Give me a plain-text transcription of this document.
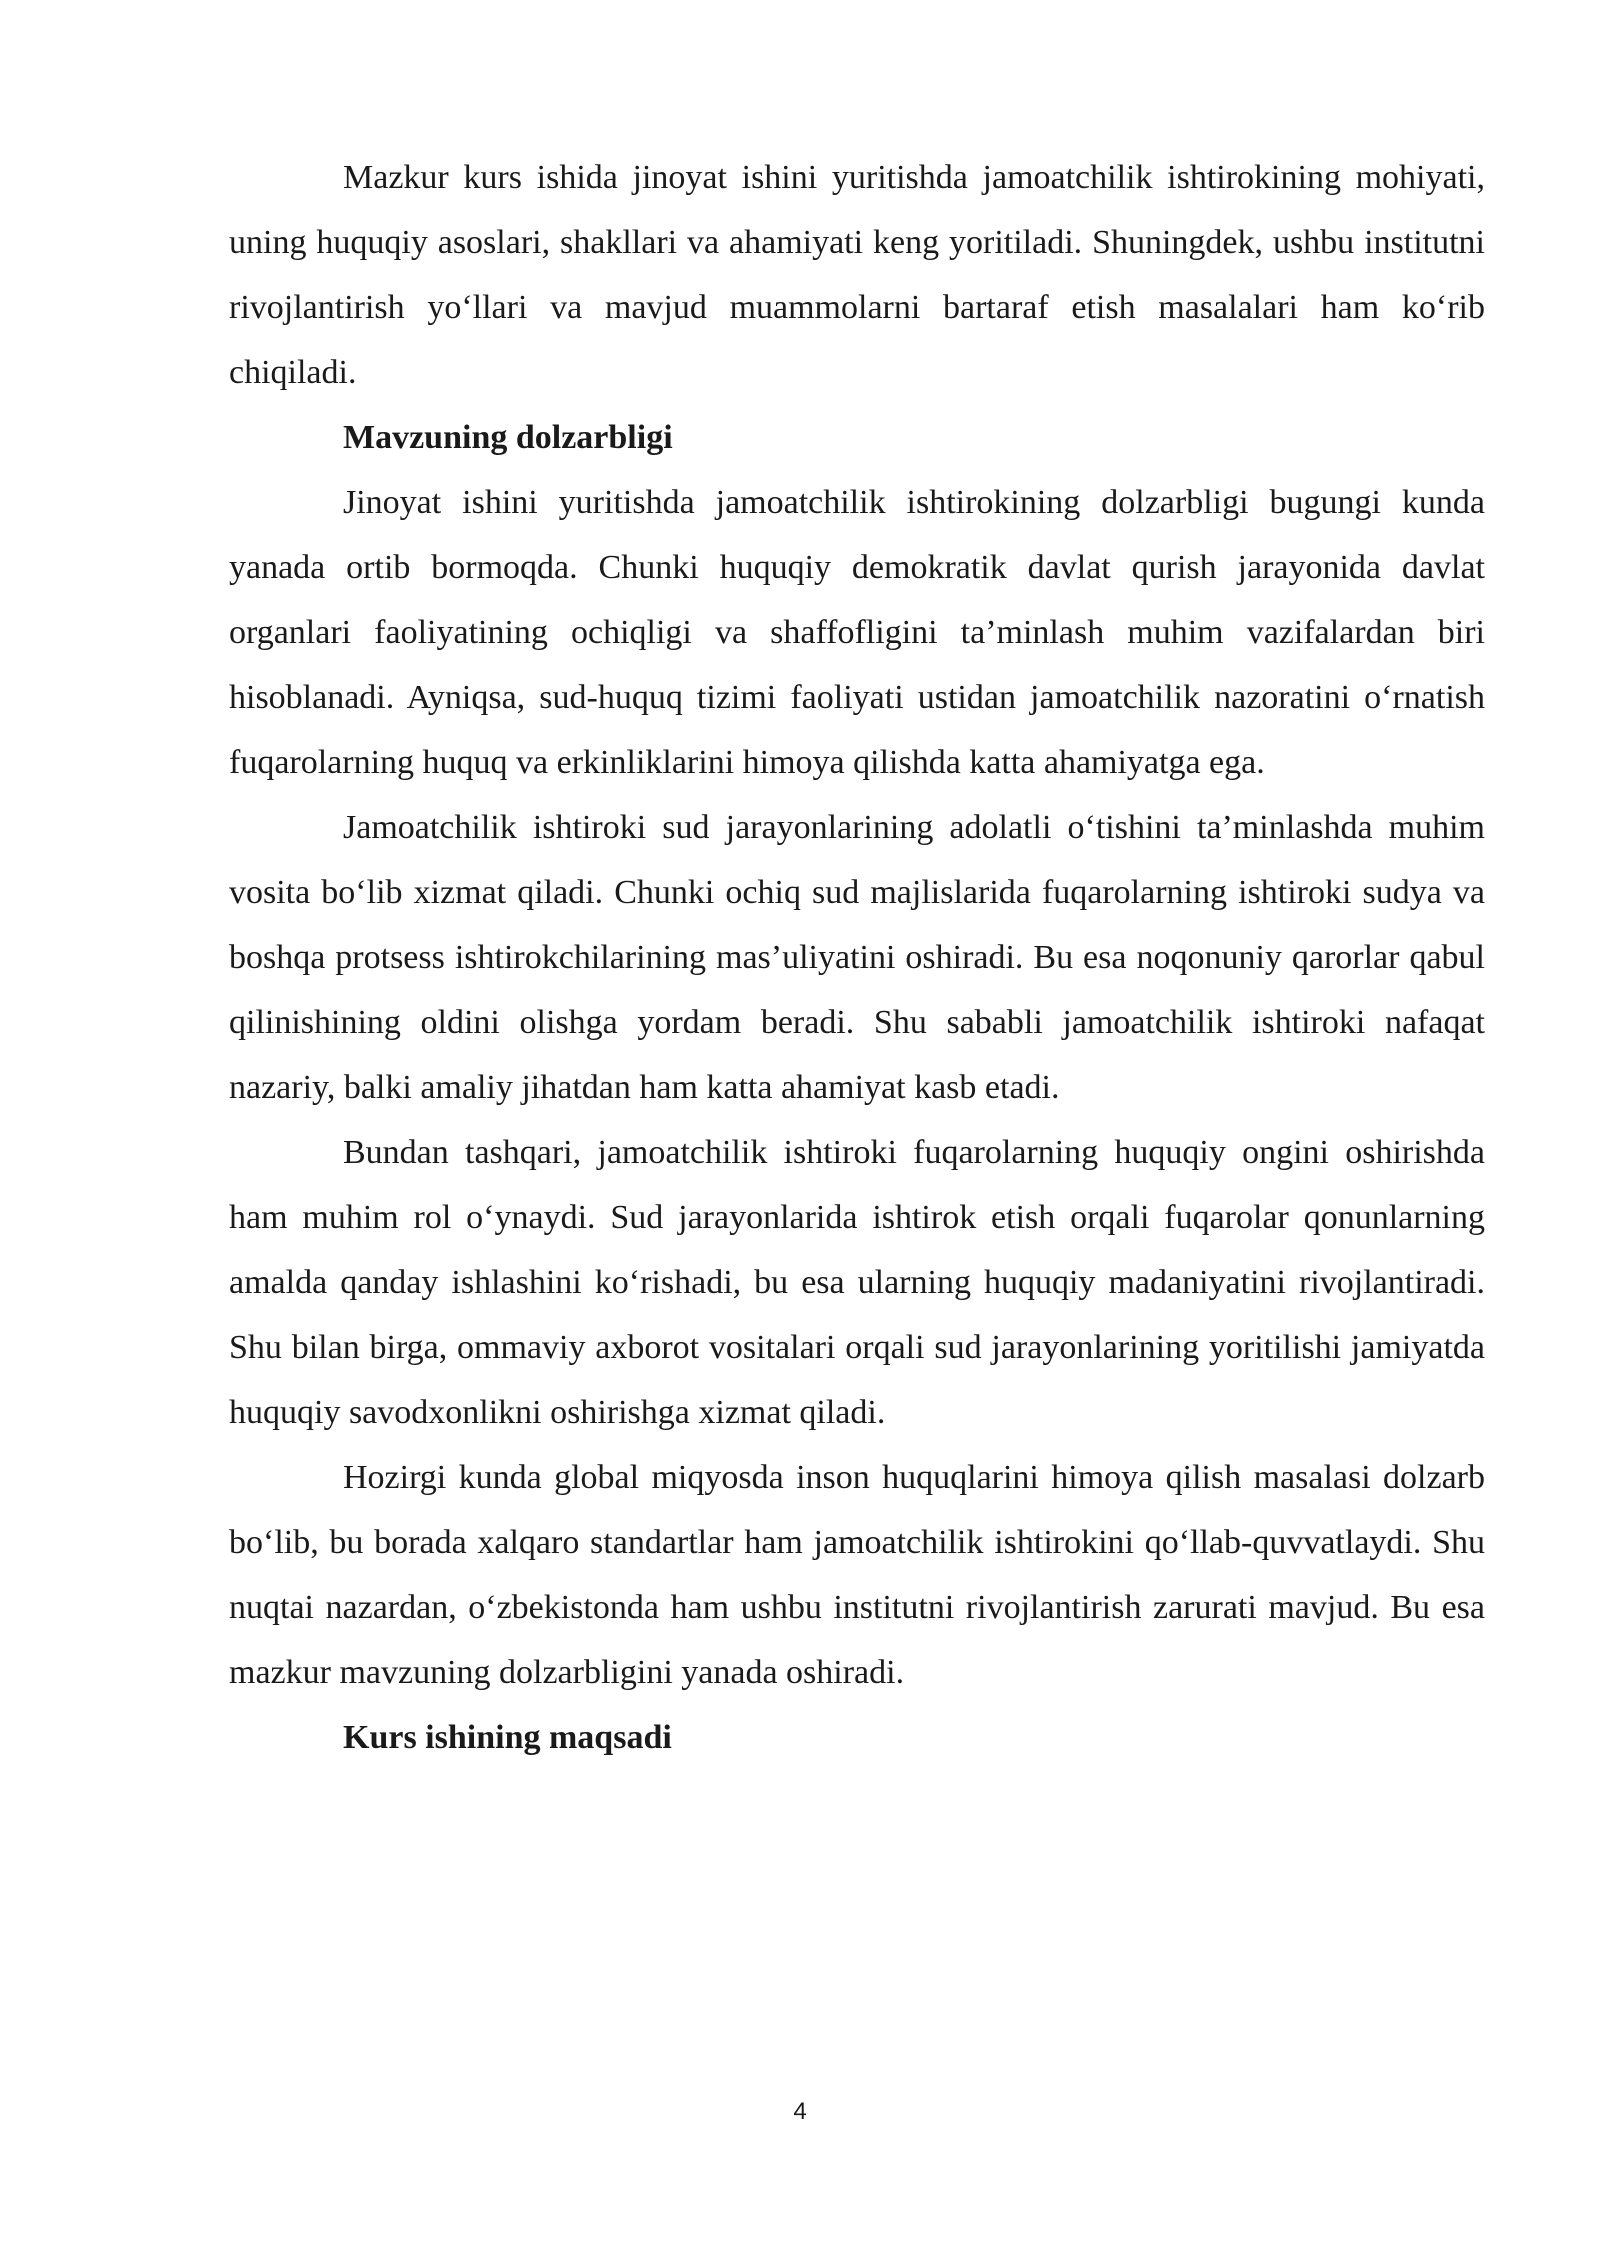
Mazkur kurs ishida jinoyat ishini yuritishda jamoatchilik ishtirokining mohiyati, uning huquqiy asoslari, shakllari va ahamiyati keng yoritiladi. Shuningdek, ushbu institutni rivojlantirish yo‘llari va mavjud muammolarni bartaraf etish masalalari ham ko‘rib chiqiladi.

Mavzuning dolzarbligi

Jinoyat ishini yuritishda jamoatchilik ishtirokining dolzarbligi bugungi kunda yanada ortib bormoqda. Chunki huquqiy demokratik davlat qurish jarayonida davlat organlari faoliyatining ochiqligi va shaffofligini ta’minlash muhim vazifalardan biri hisoblanadi. Ayniqsa, sud-huquq tizimi faoliyati ustidan jamoatchilik nazoratini o‘rnatish fuqarolarning huquq va erkinliklarini himoya qilishda katta ahamiyatga ega.

Jamoatchilik ishtiroki sud jarayonlarining adolatli o‘tishini ta’minlashda muhim vosita bo‘lib xizmat qiladi. Chunki ochiq sud majlislarida fuqarolarning ishtiroki sudya va boshqa protsess ishtirokchilarining mas’uliyatini oshiradi. Bu esa noqonuniy qarorlar qabul qilinishining oldini olishga yordam beradi. Shu sababli jamoatchilik ishtiroki nafaqat nazariy, balki amaliy jihatdan ham katta ahamiyat kasb etadi.

Bundan tashqari, jamoatchilik ishtiroki fuqarolarning huquqiy ongini oshirishda ham muhim rol o‘ynaydi. Sud jarayonlarida ishtirok etish orqali fuqarolar qonunlarning amalda qanday ishlashini ko‘rishadi, bu esa ularning huquqiy madaniyatini rivojlantiradi. Shu bilan birga, ommaviy axborot vositalari orqali sud jarayonlarining yoritilishi jamiyatda huquqiy savodxonlikni oshirishga xizmat qiladi.

Hozirgi kunda global miqyosda inson huquqlarini himoya qilish masalasi dolzarb bo‘lib, bu borada xalqaro standartlar ham jamoatchilik ishtirokini qo‘llab-quvvatlaydi. Shu nuqtai nazardan, o‘zbekistonda ham ushbu institutni rivojlantirish zarurati mavjud. Bu esa mazkur mavzuning dolzarbligini yanada oshiradi.

Kurs ishining maqsadi

4
